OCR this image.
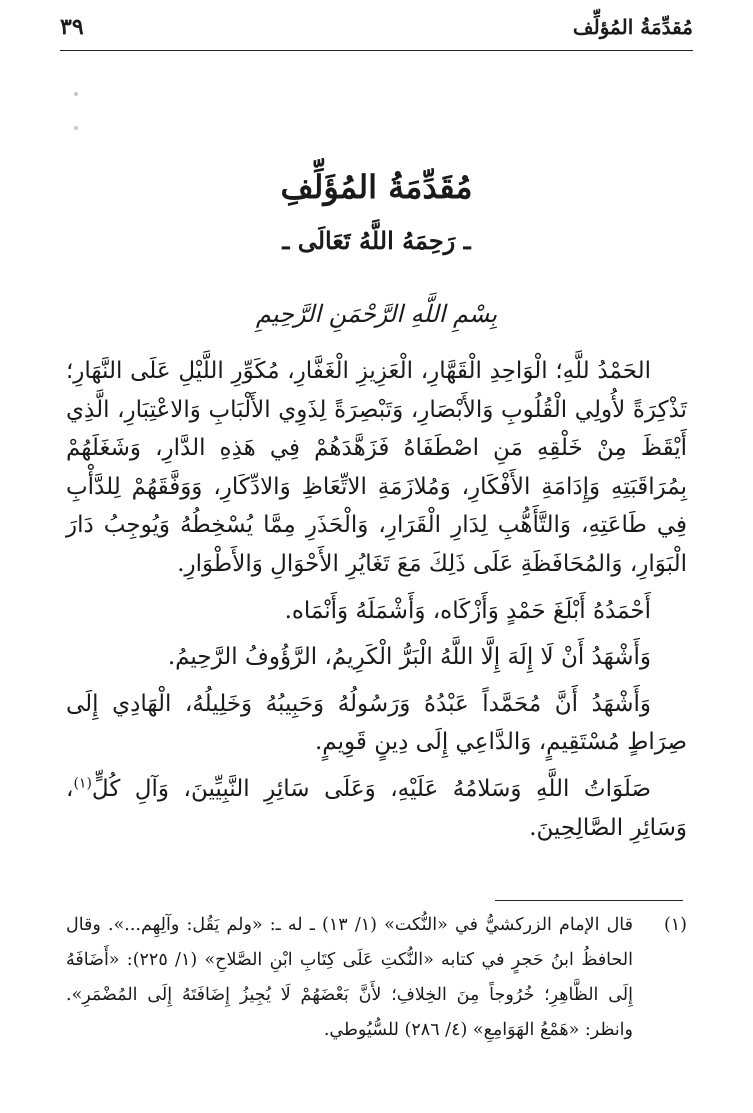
مُقدِّمَةُ المُؤلِّف
٣٩
مُقَدِّمَةُ المُؤَلِّفِ
ـ رَحِمَهُ اللَّهُ تَعَالَى ـ
بِسْمِ اللَّهِ الرَّحْمَنِ الرَّحِيمِ

الحَمْدُ للَّهِ؛ الْوَاحِدِ الْقَهَّارِ، الْعَزِيزِ الْغَفَّارِ، مُكَوِّرِ اللَّيْلِ عَلَى النَّهَارِ؛ تَذْكِرَةً لأُولِي الْقُلُوبِ وَالأَبْصَارِ، وَتَبْصِرَةً لِذَوِي الأَلْبَابِ وَالاعْتِبَارِ، الَّذِي أَيْقَظَ مِنْ خَلْقِهِ مَنِ اصْطَفَاهُ فَزَهَّدَهُمْ فِي هَذِهِ الدَّارِ، وَشَغَلَهُمْ بِمُرَاقَبَتِهِ وَإِدَامَةِ الأَفْكَارِ، وَمُلازَمَةِ الاتِّعَاظِ وَالادِّكَارِ، وَوَفَّقَهُمْ لِلدَّأْبِ فِي طَاعَتِهِ، وَالتَّأَهُّبِ لِدَارِ الْقَرَارِ، وَالْحَذَرِ مِمَّا يُسْخِطُهُ وَيُوجِبُ دَارَ الْبَوَارِ، وَالمُحَافَظَةِ عَلَى ذَلِكَ مَعَ تَغَايُرِ الأَحْوَالِ وَالأَطْوَارِ.

أَحْمَدُهُ أَبْلَغَ حَمْدٍ وَأَزْكَاه، وَأَشْمَلَهُ وَأَنْمَاه.

وَأَشْهَدُ أَنْ لَا إِلَهَ إِلَّا اللَّهُ الْبَرُّ الْكَرِيمُ، الرَّؤُوفُ الرَّحِيمُ.

وَأَشْهَدُ أَنَّ مُحَمَّداً عَبْدُهُ وَرَسُولُهُ وَحَبِيبُهُ وَخَلِيلُهُ، الْهَادِي إِلَى صِرَاطٍ مُسْتَقِيمٍ، وَالدَّاعِي إِلَى دِينٍ قَوِيمٍ.

صَلَوَاتُ اللَّهِ وَسَلامُهُ عَلَيْهِ، وَعَلَى سَائِرِ النَّبِيِّينَ، وَآلِ كُلٍّ$^{(١)}$، وَسَائِرِ الصَّالِحِينَ.

(١)
قال الإمام الزركشيُّ في «النُّكت» (١/ ١٣) ـ له ـ: «ولم يَقُل: وآلِهِم...». وقال الحافظُ ابنُ حَجرٍ في كتابه «النُّكتِ عَلَى كِتَابِ ابْنِ الصَّلاحِ» (١/ ٢٢٥): «أَضَافَهُ إِلَى الظَّاهِرِ؛ خُرُوجاً مِنَ الخِلافِ؛ لأَنَّ بَعْضَهُمْ لَا يُجِيزُ إِضَافَتَهُ إِلَى المُضْمَرِ». وانظر: «هَمْعُ الهَوَامِعِ» (٤/ ٢٨٦) للسُّيُوطي.
